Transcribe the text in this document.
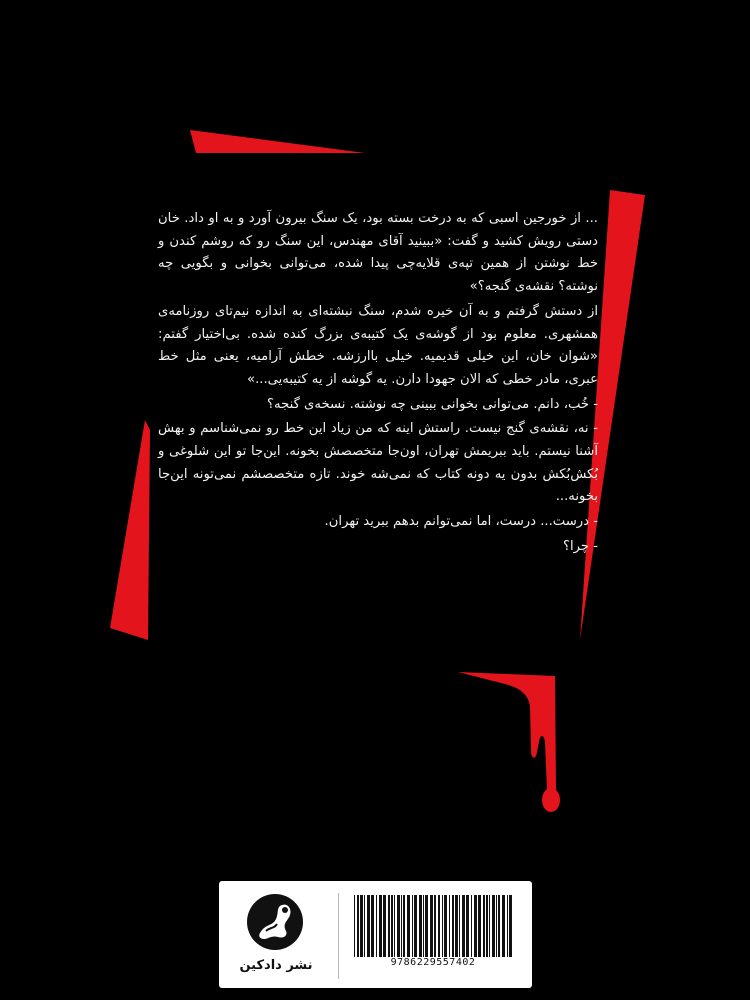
... از خورجین اسبی که به درخت بسته بود، یک سنگ بیرون آورد و به او داد. خان دستی رویش کشید و گفت: «ببینید آقای مهندس، این سنگ رو که روشم کندن و خط نوشتن از همین تپه‌ی قلایه‌چی پیدا شده، می‌توانی بخوانی و بگویی چه نوشته؟ نقشه‌ی گنجه؟»

از دستش گرفتم و به آن خیره شدم، سنگ نبشته‌ای به اندازه نیم‌تای روزنامه‌ی همشهری. معلوم بود از گوشه‌ی یک کتیبه‌ی بزرگ کنده شده. بی‌اختیار گفتم: «شوان خان، این خیلی قدیمیه. خیلی باارزشه. خطش آرامیه، یعنی مثل خط عبری، مادر خطی که الان جهودا دارن. یه گوشه از یه کتیبه‌یی...»

- خُب، دانم. می‌توانی بخوانی ببینی چه نوشته. نسخه‌ی گنجه؟

- نه، نقشه‌ی گنج نیست. راستش اینه که من زیاد این خط رو نمی‌شناسم و بهش آشنا نیستم. باید ببریمش تهران، اون‌جا متخصصش بخونه. این‌جا تو این شلوغی و بُکش‌بُکش بدون یه دونه کتاب که نمی‌شه خوند. تازه متخصصشم نمی‌تونه این‌جا بخونه...

- درست... درست، اما نمی‌توانم بدهم ببرید تهران.

- چرا؟

نشر دادکین	9786229557402
